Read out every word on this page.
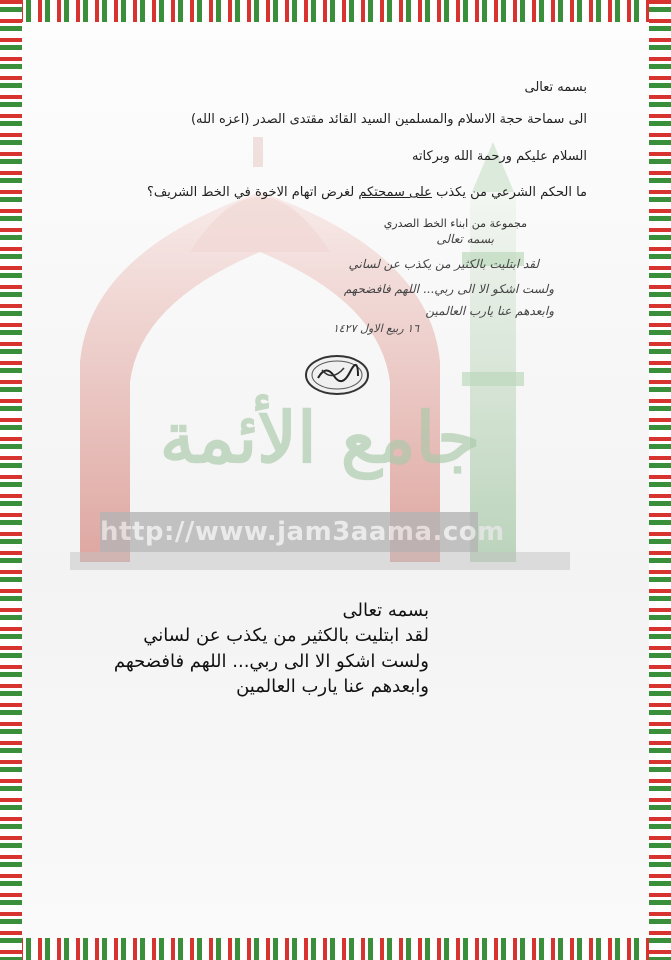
جامع الأئمة
http://www.jam3aama.com
بسمه تعالى
الى سماحة حجة الاسلام والمسلمين السيد القائد مقتدى الصدر (اعزه الله)
السلام عليكم ورحمة الله وبركاته
ما الحكم الشرعي من يكذب على سمحتكم لغرض اتهام الاخوة في الخط الشريف؟
مجموعة من ابناء الخط الصدري
بسمه تعالى
لقد ابتليت بالكثير من يكذب عن لساني
ولست اشكو الا الى ربي... اللهم فافضحهم
وابعدهم عنا يارب العالمين
١٦ ربيع الاول ١٤٢٧
بسمه تعالى
لقد ابتليت بالكثير من يكذب عن لساني
ولست اشكو الا الى ربي... اللهم فافضحهم
وابعدهم عنا يارب العالمين
